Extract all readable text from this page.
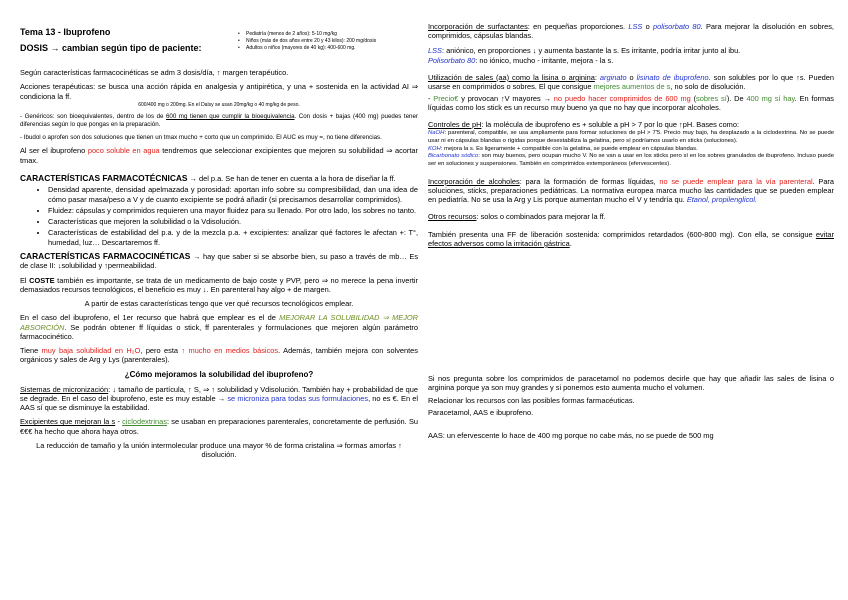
Tema 13 - Ibuprofeno
DOSIS → cambian según tipo de paciente:
• Pediatría (menos de 2 años): 5-10 mg/kg
• Niños (más de dos años entre 20 y 43 kilos): 200 mg/dosis
• Adultos o niños (mayores de 40 kg): 400-600 mg.

Según características farmacocinéticas se adm 3 dosis/día, ↑ margen terapéutico.

Acciones terapéuticas: se busca una acción rápida en analgesia y antipirética, y una + sostenida en la actividad AI ⇒ condiciona la ff.

600/400 mg o 200mg. En el Dalsy se usan 20mg/kg o 40 mg/kg de peso.

- Genéricos: son bioequivalentes, dentro de los de 600 mg tienen que cumplir la bioequivalencia. Con dosis + bajas (400 mg) puedes tener diferencias según lo que pongas en la preparación.

- Ibudol o aprofen son dos soluciones que tienen un tmax mucho + corto que un comprimido. El AUC es muy =, no tiene diferencias.

Al ser el ibuprofeno poco soluble en agua tendremos que seleccionar excipientes que mejoren su solubilidad ⇒ acortar tmax.

CARACTERÍSTICAS FARMACOTÉCNICAS → del p.a. Se han de tener en cuenta a la hora de diseñar la ff.

• Densidad aparente, densidad apelmazada y porosidad: aportan info sobre su compresibilidad, dan una idea de cómo pasar masa/peso a V y de cuanto excipiente se podrá añadir (si precisamos desarrollar comprimidos).
• Fluidez: cápsulas y comprimidos requieren una mayor fluidez para su llenado. Por otro lado, los sobres no tanto.
• Características que mejoren la solubilidad o la Vdisolución.
• Características de estabilidad del p.a. y de la mezcla p.a. + excipientes: analizar qué factores le afectan +: T°, humedad, luz… Descartaremos ff.

CARACTERÍSTICAS FARMACOCINÉTICAS → hay que saber si se absorbe bien, su paso a través de mb… Es de clase II: ↓solubilidad y ↑permeabilidad.

El COSTE también es importante, se trata de un medicamento de bajo coste y PVP, pero ⇒ no merece la pena invertir demasiados recursos tecnológicos, el beneficio es muy ↓. En parenteral hay algo + de margen.

A partir de estas características tengo que ver qué recursos tecnológicos emplear.

En el caso del ibuprofeno, el 1er recurso que habrá que emplear es el de MEJORAR LA SOLUBILIDAD ⇒ MEJOR ABSORCIÓN. Se podrán obtener ff líquidas o stick, ff parenterales y formulaciones que mejoren algún parámetro farmacocinético.

Tiene muy baja solubilidad en H₂O, pero esta ↑ mucho en medios básicos. Además, también mejora con solventes orgánicos y sales de Arg y Lys (parenterales).

¿Cómo mejoramos la solubilidad del ibuprofeno?

Sistemas de micronización: ↓ tamaño de partícula, ↑ S, ⇒ ↑ solubilidad y Vdisolución. También hay + probabilidad de que se degrade. En el caso del ibuprofeno, este es muy estable → se microniza para todas sus formulaciones, no es €. En el AAS sí que se disminuye la estabilidad.

Excipientes que mejoran la s - ciclodextrinas: se usaban en preparaciones parenterales, concretamente de perfusión. Su €€€ ha hecho que ahora haya otros.

La reducción de tamaño y la unión intermolecular produce una mayor % de forma cristalina ⇒ formas amorfas ↑ disolución.

Incorporación de surfactantes: en pequeñas proporciones. LSS o polisorbato 80. Para mejorar la disolución en sobres, comprimidos, cápsulas blandas.

LSS: aniónico, en proporciones ↓ y aumenta bastante la s. Es irritante, podría irritar junto al ibu.

Polisorbato 80: no iónico, mucho - irritante, mejora - la s.

Utilización de sales (aa) como la lisina o arginina: arginato o lisinato de ibuprofeno. son solubles por lo que ↑s. Pueden usarse en comprimidos o sobres. El que consigue mejores aumentos de s, no solo de disolución.

- Precio€ y provocan ↑V mayores → no puedo hacer comprimidos de 600 mg (sobres sí). De 400 mg sí hay. En formas líquidas como los stick es un recurso muy bueno ya que no hay que incorporar alcoholes.

Controles de pH: la molécula de ibuprofeno es + soluble a pH > 7 por lo que ↑pH. Bases como:

NaOH: parenteral, compatible, se usa ampliamente para formar soluciones de pH > 7'5. Precio muy bajo, ha desplazado a la ciclodextrina. No se puede usar ni en cápsulas blandas o rígidas porque desestabiliza la gelatina, pero sí podríamos usarlo en sticks (soluciones).
KOH: mejora la s. Es ligeramente + compatible con la gelatina, se puede emplear en cápsulas blandas.
Bicarbonato sódico: son muy buenos, pero ocupan mucho V. No se van a usar en los sticks pero sí en los sobres granulados de ibuprofeno. Incluso puede ser en soluciones y suspensiones. También en comprimidos extemporáneos (efervescentes).

Incorporación de alcoholes: para la formación de formas líquidas, no se puede emplear para la vía parenteral. Para soluciones, sticks, preparaciones pediátricas. La normativa europea marca mucho las cantidades que se pueden emplear en pediatría. No se usa la Arg y Lis porque aumentan mucho el V y tendría qu. Etanol, propilenglicol.

Otros recursos: solos o combinados para mejorar la ff.

También presenta una FF de liberación sostenida: comprimidos retardados (600-800 mg). Con ella, se consigue evitar efectos adversos como la irritación gástrica.

Si nos pregunta sobre los comprimidos de paracetamol no podemos decirle que hay que añadir las sales de lisina o arginina porque ya son muy grandes y si ponemos esto aumenta mucho el volumen.

Relacionar los recursos con las posibles formas farmacéuticas.

Paracetamol, AAS e ibuprofeno.

AAS: un efervescente lo hace de 400 mg porque no cabe más, no se puede de 500 mg
